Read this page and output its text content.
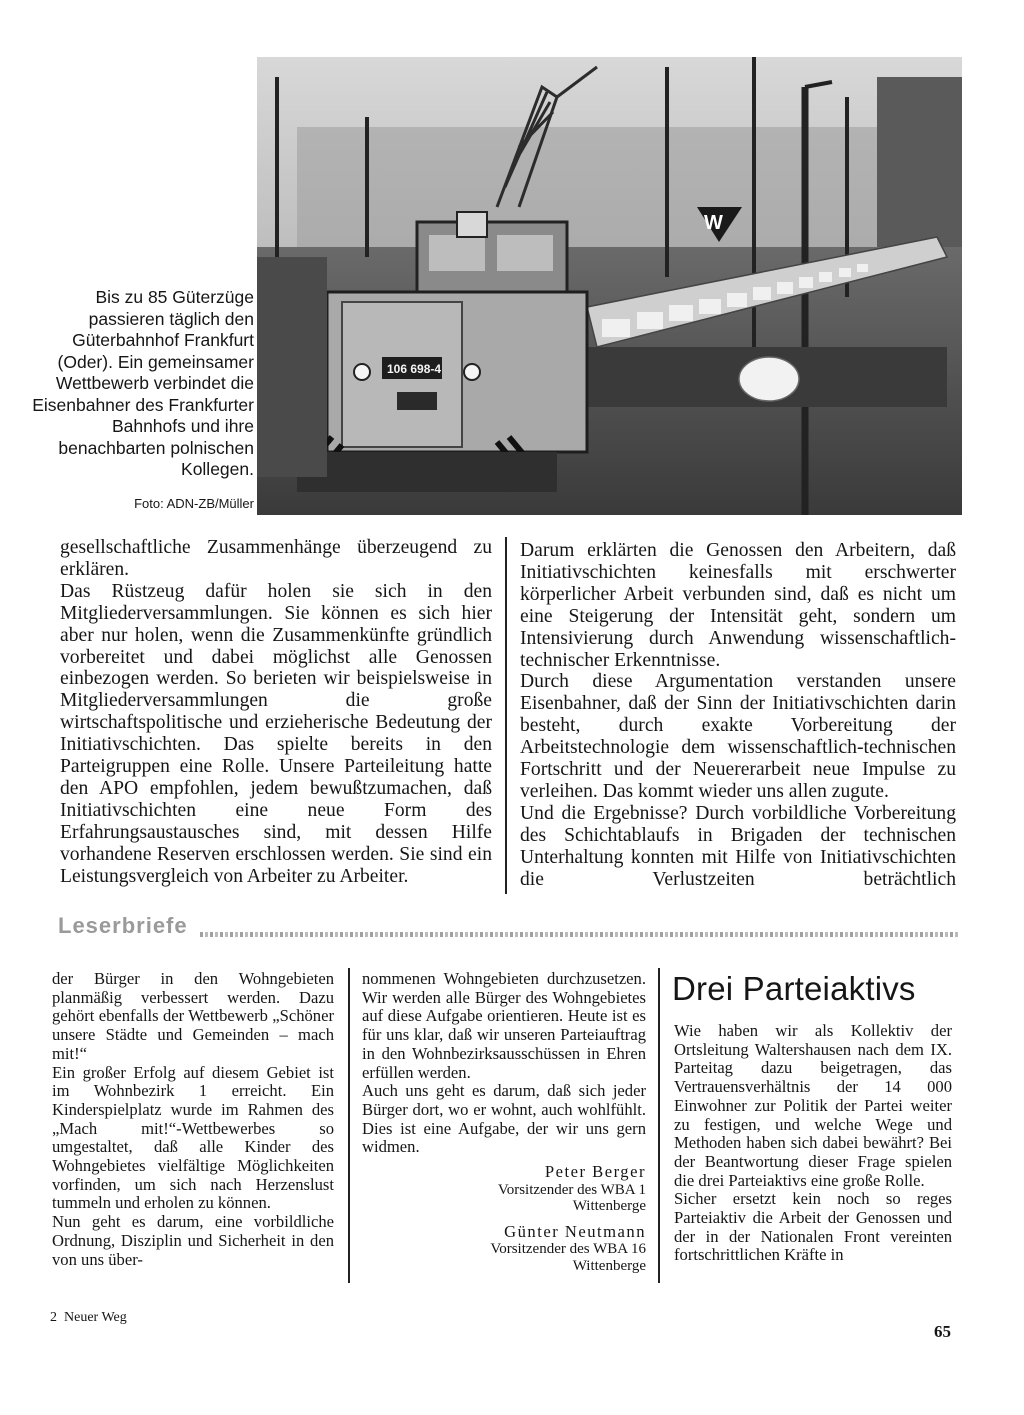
Bis zu 85 Güterzüge passieren täglich den Güterbahnhof Frankfurt (Oder). Ein gemeinsamer Wettbewerb verbindet die Eisenbahner des Frankfurter Bahnhofs und ihre benachbarten polnischen Kollegen.
Foto: ADN-ZB/Müller
W
106 698-4

gesellschaftliche Zusammenhänge überzeugend zu erklären.

Das Rüstzeug dafür holen sie sich in den Mitgliederversammlungen. Sie können es sich hier aber nur holen, wenn die Zusammenkünfte gründlich vorbereitet und dabei möglichst alle Genossen einbezogen werden. So berieten wir beispielsweise in Mitgliederversammlungen die große wirtschaftspolitische und erzieherische Bedeutung der Initiativschichten. Das spielte bereits in den Parteigruppen eine Rolle. Unsere Parteileitung hatte den APO empfohlen, jedem bewußtzumachen, daß Initiativschichten eine neue Form des Erfahrungsaustausches sind, mit dessen Hilfe vorhandene Reserven erschlossen werden. Sie sind ein Leistungsvergleich von Arbeiter zu Arbeiter.

Darum erklärten die Genossen den Arbeitern, daß Initiativschichten keinesfalls mit erschwerter körperlicher Arbeit verbunden sind, daß es nicht um eine Steigerung der Intensität geht, sondern um Intensivierung durch Anwendung wissenschaftlich-technischer Erkenntnisse.

Durch diese Argumentation verstanden unsere Eisenbahner, daß der Sinn der Initiativschichten darin besteht, durch exakte Vorbereitung der Arbeitstechnologie dem wissenschaftlich-technischen Fortschritt und der Neuererarbeit neue Impulse zu verleihen. Das kommt wieder uns allen zugute.

Und die Ergebnisse? Durch vorbildliche Vorbereitung des Schichtablaufs in Brigaden der technischen Unterhaltung konnten mit Hilfe von Initiativschichten die Verlustzeiten beträchtlich

Leserbriefe

der Bürger in den Wohngebieten planmäßig verbessert werden. Dazu gehört ebenfalls der Wettbewerb „Schöner unsere Städte und Gemeinden – mach mit!“

Ein großer Erfolg auf diesem Gebiet ist im Wohnbezirk 1 erreicht. Ein Kinderspielplatz wurde im Rahmen des „Mach mit!“-Wettbewerbes so umgestaltet, daß alle Kinder des Wohngebietes vielfältige Möglichkeiten vorfinden, um sich nach Herzenslust tummeln und erholen zu können.

Nun geht es darum, eine vorbildliche Ordnung, Disziplin und Sicherheit in den von uns über-

nommenen Wohngebieten durchzusetzen. Wir werden alle Bürger des Wohngebietes auf diese Aufgabe orientieren. Heute ist es für uns klar, daß wir unseren Parteiauftrag in den Wohnbezirksausschüssen in Ehren erfüllen werden.

Auch uns geht es darum, daß sich jeder Bürger dort, wo er wohnt, auch wohlfühlt. Dies ist eine Aufgabe, der wir uns gern widmen.

Peter Berger
Vorsitzender des WBA 1
Wittenberge
Günter Neutmann
Vorsitzender des WBA 16
Wittenberge
Drei Parteiaktivs

Wie haben wir als Kollektiv der Ortsleitung Waltershausen nach dem IX. Parteitag dazu beigetragen, das Vertrauensverhältnis der 14 000 Einwohner zur Politik der Partei weiter zu festigen, und welche Wege und Methoden haben sich dabei bewährt? Bei der Beantwortung dieser Frage spielen die drei Parteiaktivs eine große Rolle.

Sicher ersetzt kein noch so reges Parteiaktiv die Arbeit der Genossen und der in der Nationalen Front vereinten fortschrittlichen Kräfte in

2  Neuer Weg
65
